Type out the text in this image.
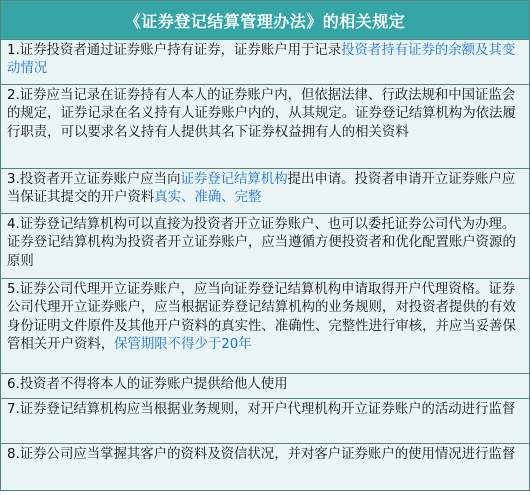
《证券登记结算管理办法》的相关规定
1.证券投资者通过证券账户持有证券，证券账户用于记录投资者持有证券的余额及其变动情况
2.证券应当记录在证券持有人本人的证券账户内，但依据法律、行政法规和中国证监会的规定，证券记录在名义持有人证券账户内的，从其规定。证券登记结算机构为依法履行职责，可以要求名义持有人提供其名下证券权益拥有人的相关资料
3.投资者开立证券账户应当向证券登记结算机构提出申请。投资者申请开立证券账户应当保证其提交的开户资料真实、准确、完整
4.证券登记结算机构可以直接为投资者开立证券账户、也可以委托证券公司代为办理。证券登记结算机构为投资者开立证券账户，应当遵循方便投资者和优化配置账户资源的原则
5.证券公司代理开立证券账户，应当向证券登记结算机构申请取得开户代理资格。证券公司代理开立证券账户，应当根据证券登记结算机构的业务规则，对投资者提供的有效身份证明文件原件及其他开户资料的真实性、准确性、完整性进行审核，并应当妥善保管相关开户资料，保管期限不得少于20年
6.投资者不得将本人的证券账户提供给他人使用
7.证券登记结算机构应当根据业务规则，对开户代理机构开立证券账户的活动进行监督
8.证券公司应当掌握其客户的资料及资信状况，并对客户证券账户的使用情况进行监督
